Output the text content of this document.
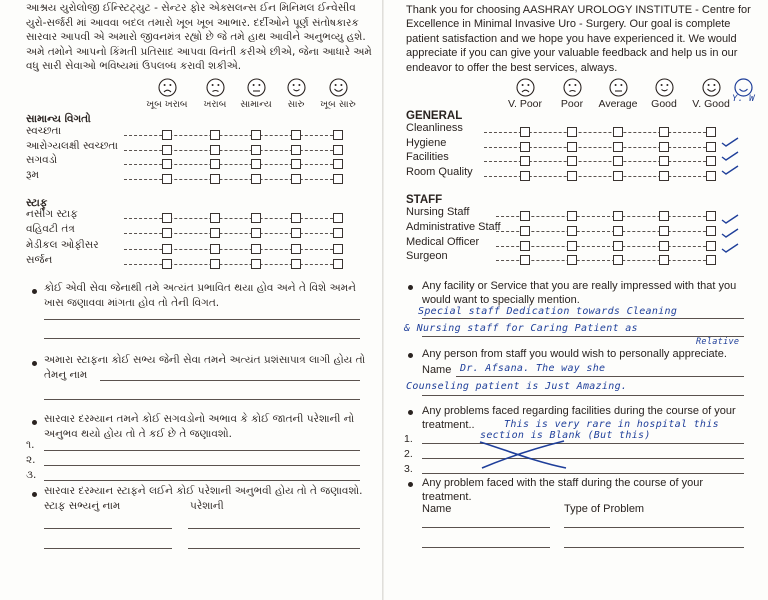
આશ્રય યુરોલોજી ઈન્સ્ટિટ્યુટ - સેન્ટર ફોર એક્સલન્સ ઈન મિનિમલ ઈન્વેસીવ યુરો-સર્જરી માં આવવા બદલ તમારો ખૂબ ખૂબ આભાર. દર્દીઓને પૂર્ણ સંતોષકારક સારવાર આપવી એ અમારો જીવનમંત્ર રહ્યો છે જે તમે હાથ આવીને અનુભવ્યુ હશે. અમે તમોને આપનો કિંમતી પ્રતિસાદ આપવા વિનંતી કરીએ છીએ, જેના આધારે અમે વધુ સારી સેવાઓ ભવિષ્યમાં ઉપલબ્ધ કરાવી શકીએ.
ખૂબ ખરાબ	ખરાબ	સામાન્ય	સારુ	ખૂબ સારુ
સામાન્ય વિગતો
સ્વચ્છતા
આરોગ્યલક્ષી સ્વચ્છતા
સગવડો
રૂમ
સ્ટાફ
નર્સીંગ સ્ટાફ
વહિવટી તંત્ર
મેડીકલ ઓફીસર
સર્જન
કોઈ એવી સેવા જેનાથી તમે અત્યંત પ્રભાવિત થયા હોવ અને તે વિશે અમને ખાસ જણાવવા માંગતા હોવ તો તેની વિગત.
અમારા સ્ટાફના કોઈ સભ્ય જેની સેવા તમને અત્યંત પ્રશંસાપાત્ર લાગી હોય તો તેમનુ નામ
સારવાર દરમ્યાન તમને કોઈ સગવડોનો અભાવ કે કોઈ જાતની પરેશાની નો અનુભવ થયો હોય તો તે કઈ છે તે જણાવશો.
૧.
૨.
૩.
સારવાર દરમ્યાન સ્ટાફને લઈને કોઈ પરેશાની અનુભવી હોય તો તે જણાવશો.
સ્ટાફ સભ્યનું નામ	પરેશાની
Thank you for choosing AASHRAY UROLOGY INSTITUTE - Centre for Excellence in Minimal Invasive Uro - Surgery. Our goal is complete patient satisfaction and we hope you have experienced it. We would appreciate if you can give your valuable feedback and help us in our endeavor to offer the best services, always.
V. Poor	Poor	Average	Good	V. Good Y. W
GENERAL
Cleanliness
Hygiene
Facilities
Room Quality
STAFF
Nursing Staff
Administrative Staff
Medical Officer
Surgeon
Any facility or Service that you are really impressed with that you would want to specially mention.
Special staff Dedication towards Cleaning
& Nursing staff for Caring Patient as
Relative
Any person from staff you would wish to personally appreciate.
Name Dr. Afsana. The way she
Counseling patient is Just Amazing.
Any problems faced regarding facilities during the course of your treatment..	This is very rare in hospital this
1.	section is Blank (But this)
2.
3.
Any problem faced with the staff during the course of your treatment.
Name	Type of Problem
